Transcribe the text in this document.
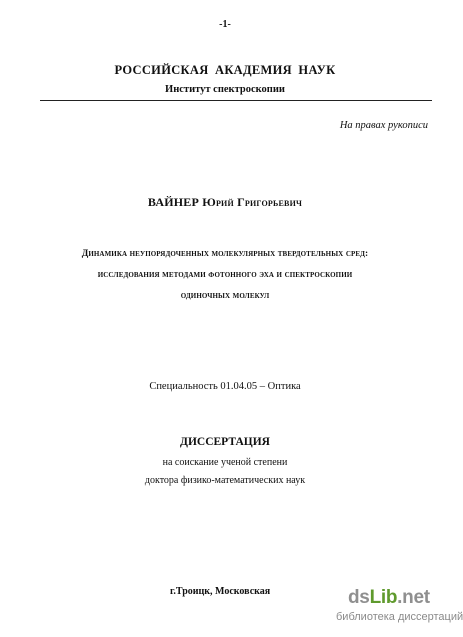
-1-
РОССИЙСКАЯ АКАДЕМИЯ НАУК
Институт спектроскопии
На правах рукописи
ВАЙНЕР Юрий Григорьевич
Динамика неупорядоченных молекулярных твердотельных сред:
исследования методами фотонного эха и спектроскопии
одиночных молекул
Специальность 01.04.05 – Оптика
ДИССЕРТАЦИЯ
на соискание ученой степени
доктора физико-математических наук
г.Троицк, Московская	dsLib.net
библиотека диссертаций
